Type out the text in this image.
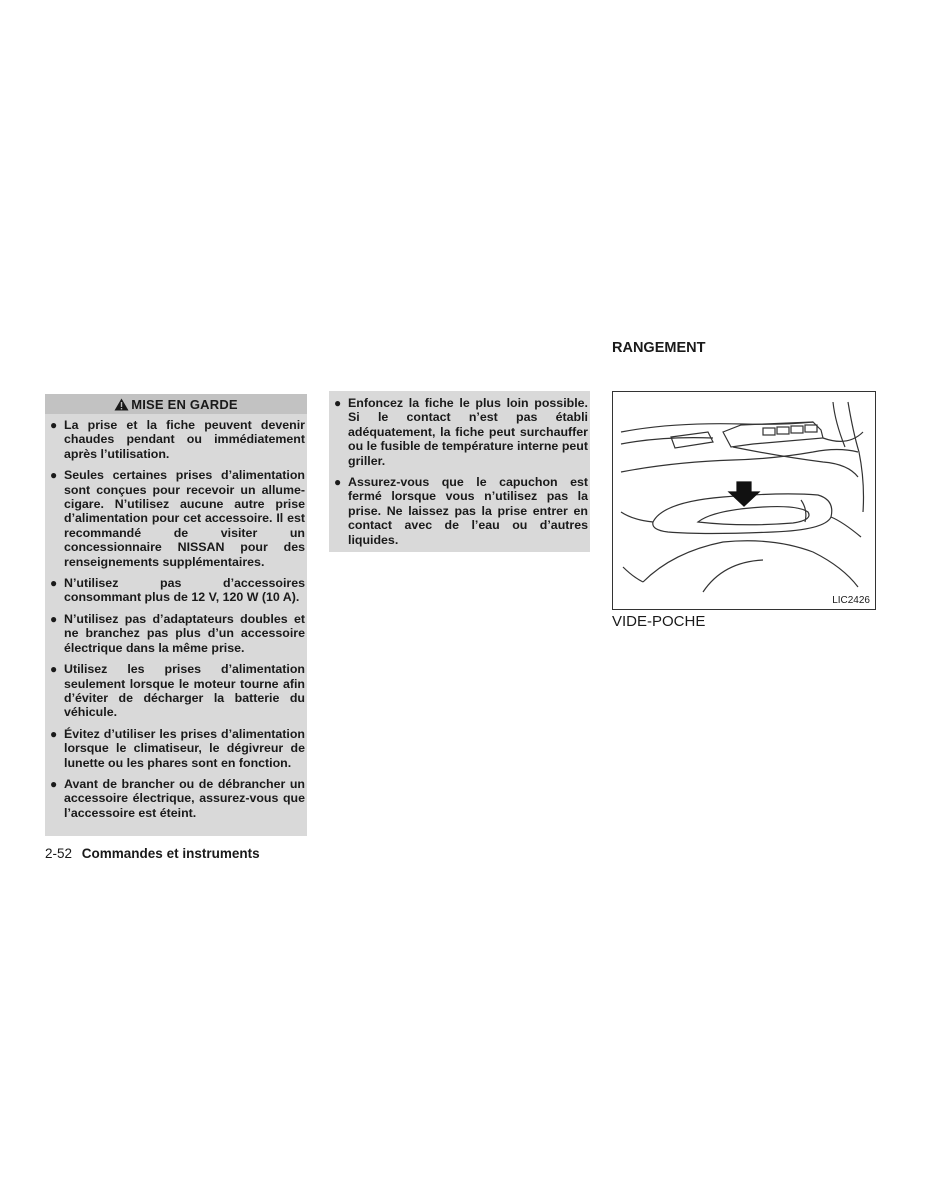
MISE EN GARDE
● La prise et la fiche peuvent devenir chaudes pendant ou immédiatement après l’utilisation.
● Seules certaines prises d’alimentation sont conçues pour recevoir un allume-cigare. N’utilisez aucune autre prise d’alimentation pour cet accessoire. Il est recommandé de visiter un concessionnaire NISSAN pour des renseignements supplémentaires.
● N’utilisez pas d’accessoires consommant plus de 12 V, 120 W (10 A).
● N’utilisez pas d’adaptateurs doubles et ne branchez pas plus d’un accessoire électrique dans la même prise.
● Utilisez les prises d’alimentation seulement lorsque le moteur tourne afin d’éviter de décharger la batterie du véhicule.
● Évitez d’utiliser les prises d’alimentation lorsque le climatiseur, le dégivreur de lunette ou les phares sont en fonction.
● Avant de brancher ou de débrancher un accessoire électrique, assurez-vous que l’accessoire est éteint.
● Enfoncez la fiche le plus loin possible. Si le contact n’est pas établi adéquatement, la fiche peut surchauffer ou le fusible de température interne peut griller.
● Assurez-vous que le capuchon est fermé lorsque vous n’utilisez pas la prise. Ne laissez pas la prise entrer en contact avec de l’eau ou d’autres liquides.
RANGEMENT
LIC2426
VIDE-POCHE
2-52 Commandes et instruments
